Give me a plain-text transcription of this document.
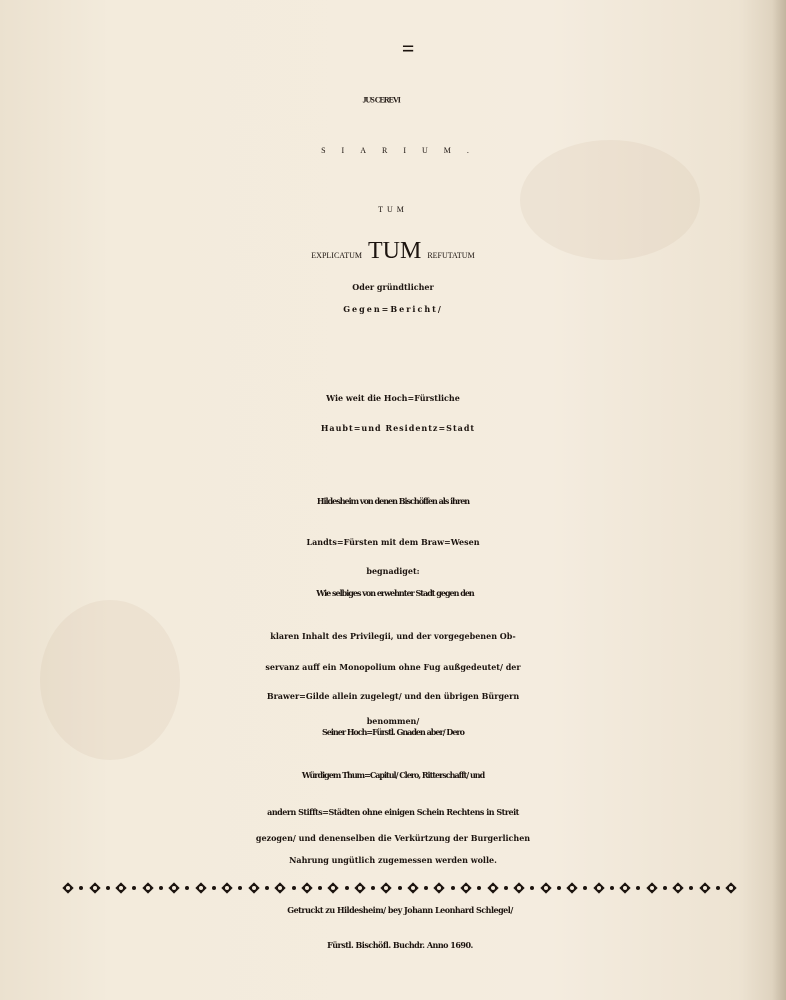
JUS CEREVI=
SIARIUM.
TUM
EXPLICATUM TUM REFUTATUM
Oder gründtlicher
Gegen=Bericht/
Wie weit die Hoch=Fürstliche
Haubt=und Residentz=Stadt
Hildesheim von denen Bischöffen als ihren
Landts=Fürsten mit dem Braw=Wesen
begnadiget:
Wie selbiges von erwehnter Stadt gegen den
klaren Inhalt des Privilegii, und der vorgegebenen Ob-
servanz auff ein Monopolium ohne Fug außgedeutet/ der
Brawer=Gilde allein zugelegt/ und den übrigen Bürgern
benommen/
Seiner Hoch=Fürstl. Gnaden aber/ Dero
Würdigem Thum=Capitul/ Clero, Ritterschafft/ und
andern Stiffts=Städten ohne einigen Schein Rechtens in Streit
gezogen/ und denenselben die Verkürtzung der Burgerlichen
Nahrung ungütlich zugemessen werden wolle.
Getruckt zu Hildesheim/ bey Johann Leonhard Schlegel/
Fürstl. Bischöfl. Buchdr. Anno 1690.
